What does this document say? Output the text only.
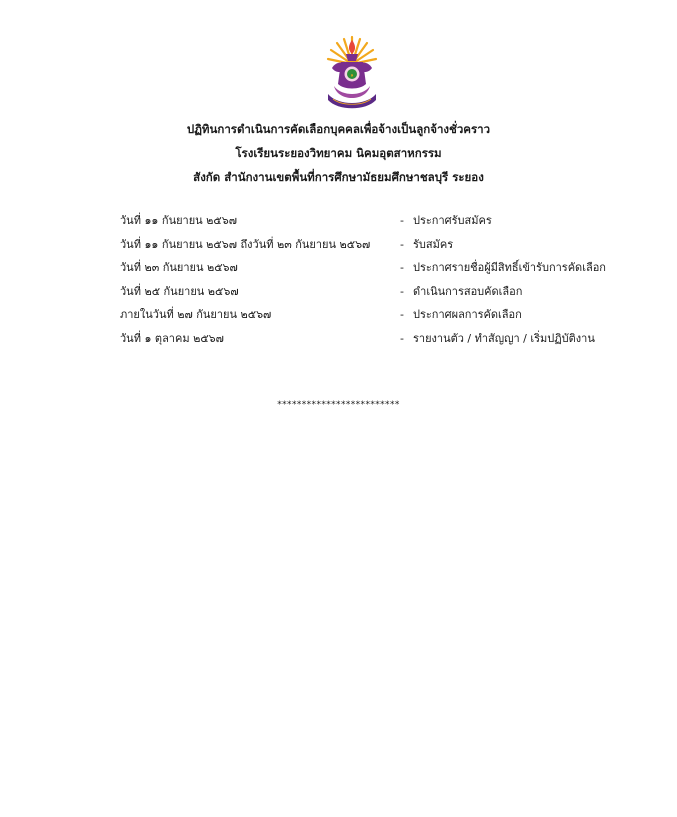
๑
ปฏิทินการดำเนินการคัดเลือกบุคคลเพื่อจ้างเป็นลูกจ้างชั่วคราว
โรงเรียนระยองวิทยาคม นิคมอุตสาหกรรม
สังกัด สำนักงานเขตพื้นที่การศึกษามัธยมศึกษาชลบุรี ระยอง
วันที่ ๑๑ กันยายน ๒๕๖๗	- ประกาศรับสมัคร
วันที่ ๑๑ กันยายน ๒๕๖๗ ถึงวันที่ ๒๓ กันยายน ๒๕๖๗	- รับสมัคร
วันที่ ๒๓ กันยายน ๒๕๖๗	- ประกาศรายชื่อผู้มีสิทธิ์เข้ารับการคัดเลือก
วันที่ ๒๕ กันยายน ๒๕๖๗	- ดำเนินการสอบคัดเลือก
ภายในวันที่ ๒๗ กันยายน ๒๕๖๗	- ประกาศผลการคัดเลือก
วันที่ ๑ ตุลาคม ๒๕๖๗	- รายงานตัว / ทำสัญญา / เริ่มปฏิบัติงาน
*************************
